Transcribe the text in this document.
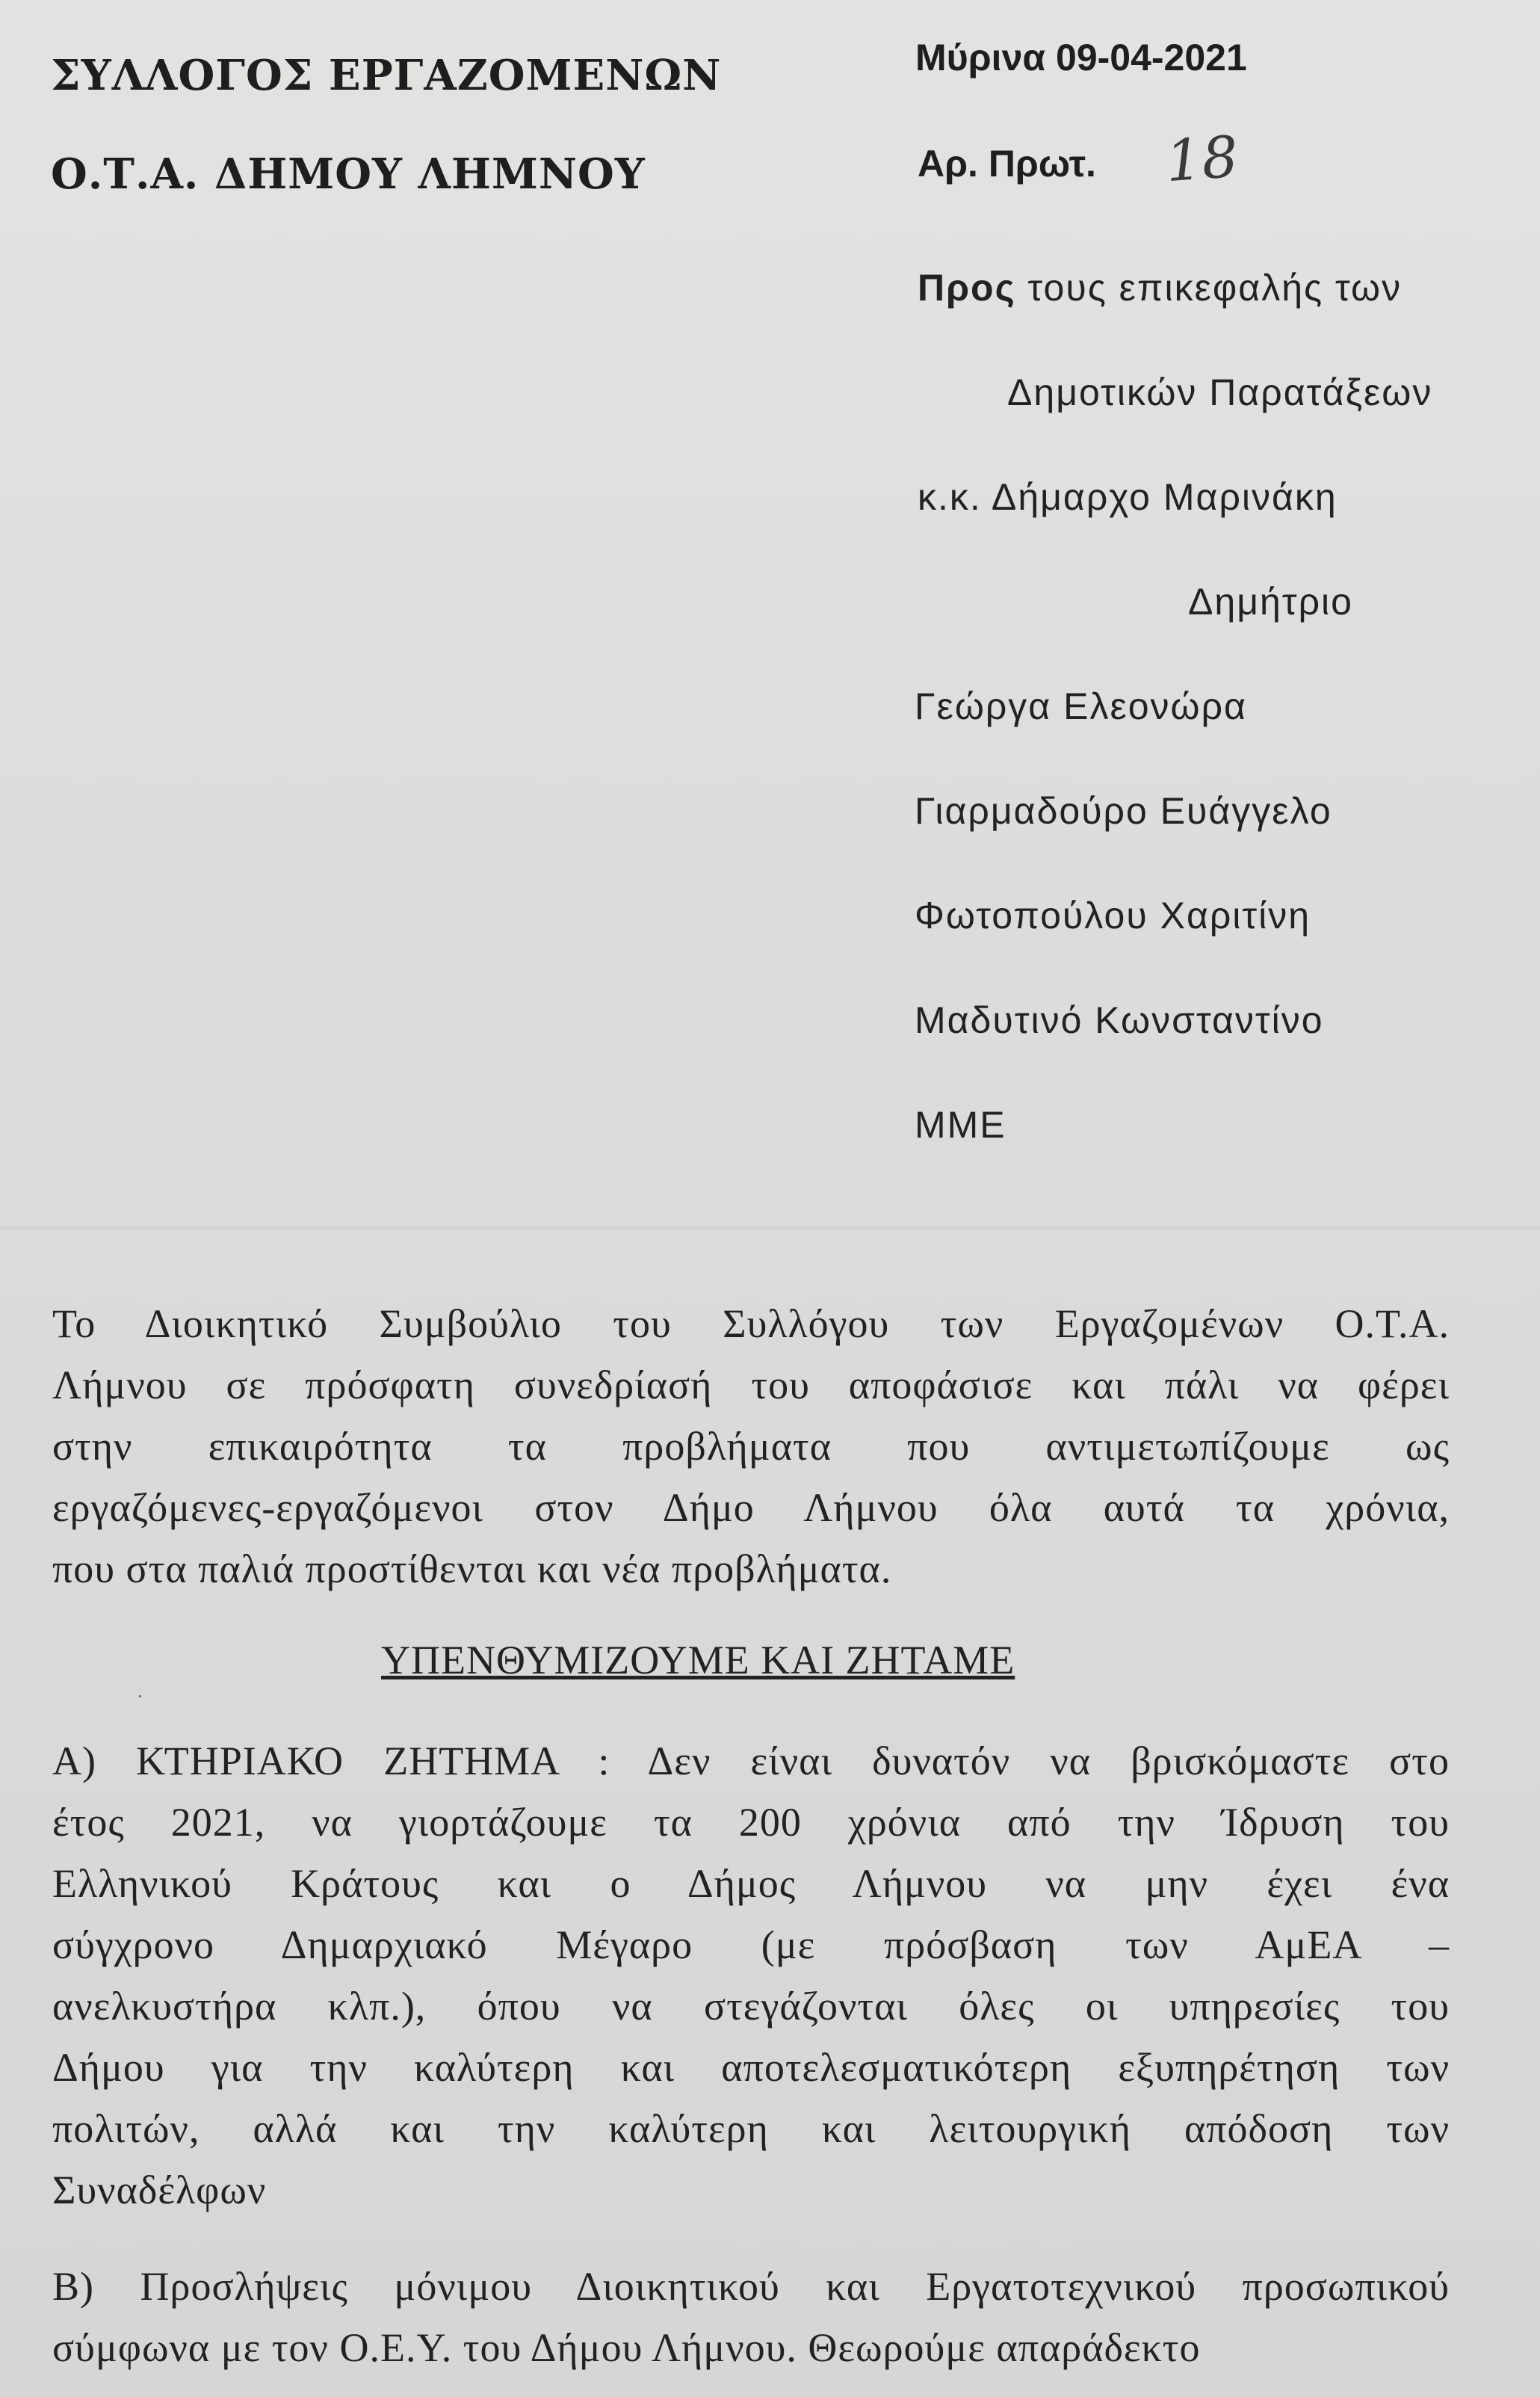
ΣΥΛΛΟΓΟΣ ΕΡΓΑΖΟΜΕΝΩΝ
Ο.Τ.Α. ΔΗΜΟΥ ΛΗΜΝΟΥ
Μύρινα 09-04-2021
Αρ. Πρωτ. 18
Προς τους επικεφαλής των
Δημοτικών Παρατάξεων
κ.κ. Δήμαρχο Μαρινάκη
Δημήτριο
Γεώργα Ελεονώρα
Γιαρμαδούρο Ευάγγελο
Φωτοπούλου Χαριτίνη
Μαδυτινό Κωνσταντίνο
ΜΜΕ
Το Διοικητικό Συμβούλιο του Συλλόγου των Εργαζομένων Ο.Τ.Α.
Λήμνου σε πρόσφατη συνεδρίασή του αποφάσισε και πάλι να φέρει
στην επικαιρότητα τα προβλήματα που αντιμετωπίζουμε ως
εργαζόμενες-εργαζόμενοι στον Δήμο Λήμνου όλα αυτά τα χρόνια,
που στα παλιά προστίθενται και νέα προβλήματα.
ΥΠΕΝΘΥΜΙΖΟΥΜΕ ΚΑΙ ΖΗΤΑΜΕ
Α) ΚΤΗΡΙΑΚΟ ΖΗΤΗΜΑ : Δεν είναι δυνατόν να βρισκόμαστε στο
έτος 2021, να γιορτάζουμε τα 200 χρόνια από την Ίδρυση του
Ελληνικού Κράτους και ο Δήμος Λήμνου να μην έχει ένα
σύγχρονο Δημαρχιακό Μέγαρο (με πρόσβαση των ΑμΕΑ –
ανελκυστήρα κλπ.), όπου να στεγάζονται όλες οι υπηρεσίες του
Δήμου για την καλύτερη και αποτελεσματικότερη εξυπηρέτηση των
πολιτών, αλλά και την καλύτερη και λειτουργική απόδοση των
Συναδέλφων
Β) Προσλήψεις μόνιμου Διοικητικού και Εργατοτεχνικού προσωπικού
σύμφωνα με τον Ο.Ε.Υ. του Δήμου Λήμνου. Θεωρούμε απαράδεκτο
